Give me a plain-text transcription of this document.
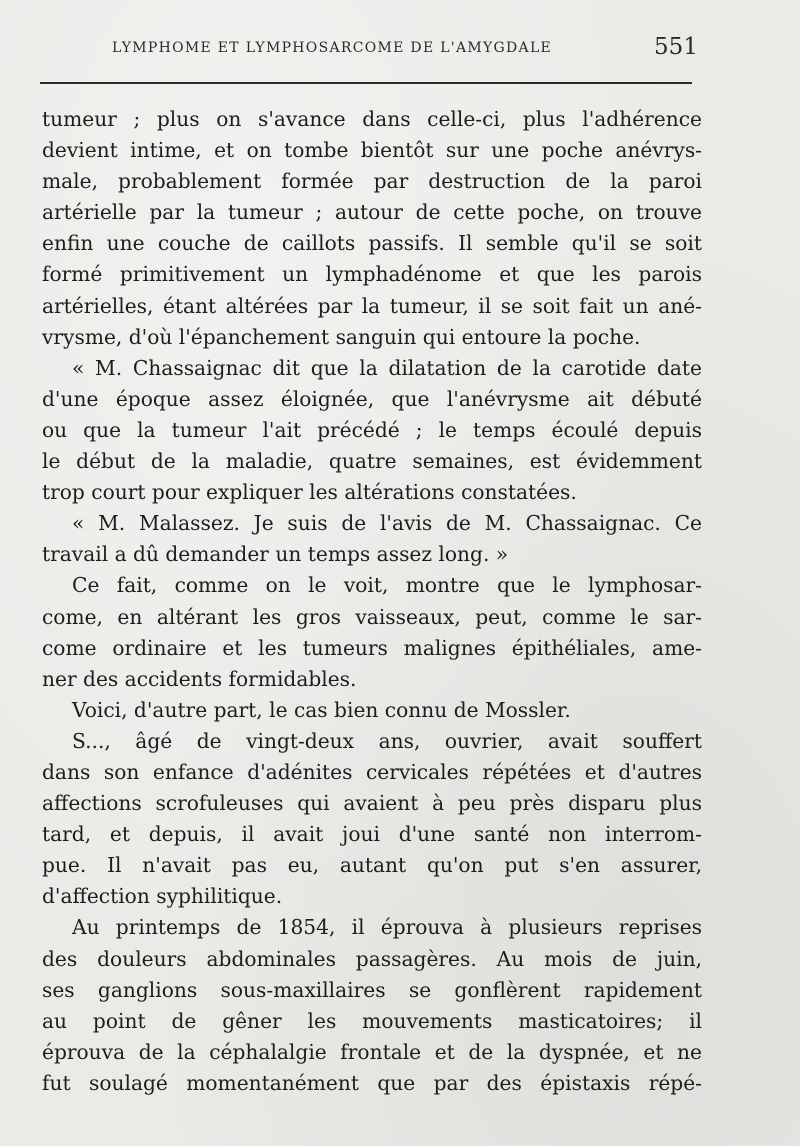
LYMPHOME ET LYMPHOSARCOME DE L'AMYGDALE	551
tumeur ; plus on s'avance dans celle-ci, plus l'adhérence
devient intime, et on tombe bientôt sur une poche anévrys-
male, probablement formée par destruction de la paroi
artérielle par la tumeur ; autour de cette poche, on trouve
enfin une couche de caillots passifs. Il semble qu'il se soit
formé primitivement un lymphadénome et que les parois
artérielles, étant altérées par la tumeur, il se soit fait un ané-
vrysme, d'où l'épanchement sanguin qui entoure la poche.
« M. Chassaignac dit que la dilatation de la carotide date
d'une époque assez éloignée, que l'anévrysme ait débuté
ou que la tumeur l'ait précédé ; le temps écoulé depuis
le début de la maladie, quatre semaines, est évidemment
trop court pour expliquer les altérations constatées.
« M. Malassez. Je suis de l'avis de M. Chassaignac. Ce
travail a dû demander un temps assez long. »
Ce fait, comme on le voit, montre que le lymphosar-
come, en altérant les gros vaisseaux, peut, comme le sar-
come ordinaire et les tumeurs malignes épithéliales, ame-
ner des accidents formidables.
Voici, d'autre part, le cas bien connu de Mossler.
S..., âgé de vingt-deux ans, ouvrier, avait souffert
dans son enfance d'adénites cervicales répétées et d'autres
affections scrofuleuses qui avaient à peu près disparu plus
tard, et depuis, il avait joui d'une santé non interrom-
pue. Il n'avait pas eu, autant qu'on put s'en assurer,
d'affection syphilitique.
Au printemps de 1854, il éprouva à plusieurs reprises
des douleurs abdominales passagères. Au mois de juin,
ses ganglions sous-maxillaires se gonflèrent rapidement
au point de gêner les mouvements masticatoires; il
éprouva de la céphalalgie frontale et de la dyspnée, et ne
fut soulagé momentanément que par des épistaxis répé-
